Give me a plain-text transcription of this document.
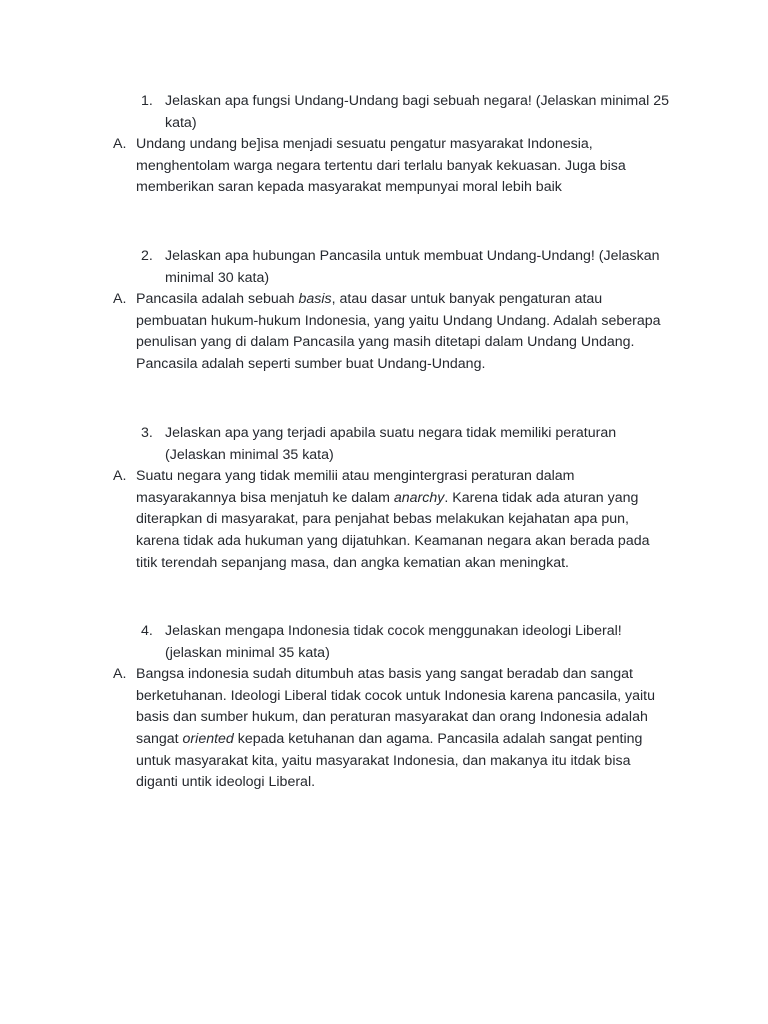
1. Jelaskan apa fungsi Undang-Undang bagi sebuah negara! (Jelaskan minimal 25
kata)
A. Undang undang be]isa menjadi sesuatu pengatur masyarakat Indonesia,
menghentolam warga negara tertentu dari terlalu banyak kekuasan. Juga bisa
memberikan saran kepada masyarakat mempunyai moral lebih baik
2. Jelaskan apa hubungan Pancasila untuk membuat Undang-Undang! (Jelaskan
minimal 30 kata)
A. Pancasila adalah sebuah basis, atau dasar untuk banyak pengaturan atau
pembuatan hukum-hukum Indonesia, yang yaitu Undang Undang. Adalah seberapa
penulisan yang di dalam Pancasila yang masih ditetapi dalam Undang Undang.
Pancasila adalah seperti sumber buat Undang-Undang.
3. Jelaskan apa yang terjadi apabila suatu negara tidak memiliki peraturan
(Jelaskan minimal 35 kata)
A. Suatu negara yang tidak memilii atau mengintergrasi peraturan dalam
masyarakannya bisa menjatuh ke dalam anarchy. Karena tidak ada aturan yang
diterapkan di masyarakat, para penjahat bebas melakukan kejahatan apa pun,
karena tidak ada hukuman yang dijatuhkan. Keamanan negara akan berada pada
titik terendah sepanjang masa, dan angka kematian akan meningkat.
4. Jelaskan mengapa Indonesia tidak cocok menggunakan ideologi Liberal!
(jelaskan minimal 35 kata)
A. Bangsa indonesia sudah ditumbuh atas basis yang sangat beradab dan sangat
berketuhanan. Ideologi Liberal tidak cocok untuk Indonesia karena pancasila, yaitu
basis dan sumber hukum, dan peraturan masyarakat dan orang Indonesia adalah
sangat oriented kepada ketuhanan dan agama. Pancasila adalah sangat penting
untuk masyarakat kita, yaitu masyarakat Indonesia, dan makanya itu itdak bisa
diganti untik ideologi Liberal.
